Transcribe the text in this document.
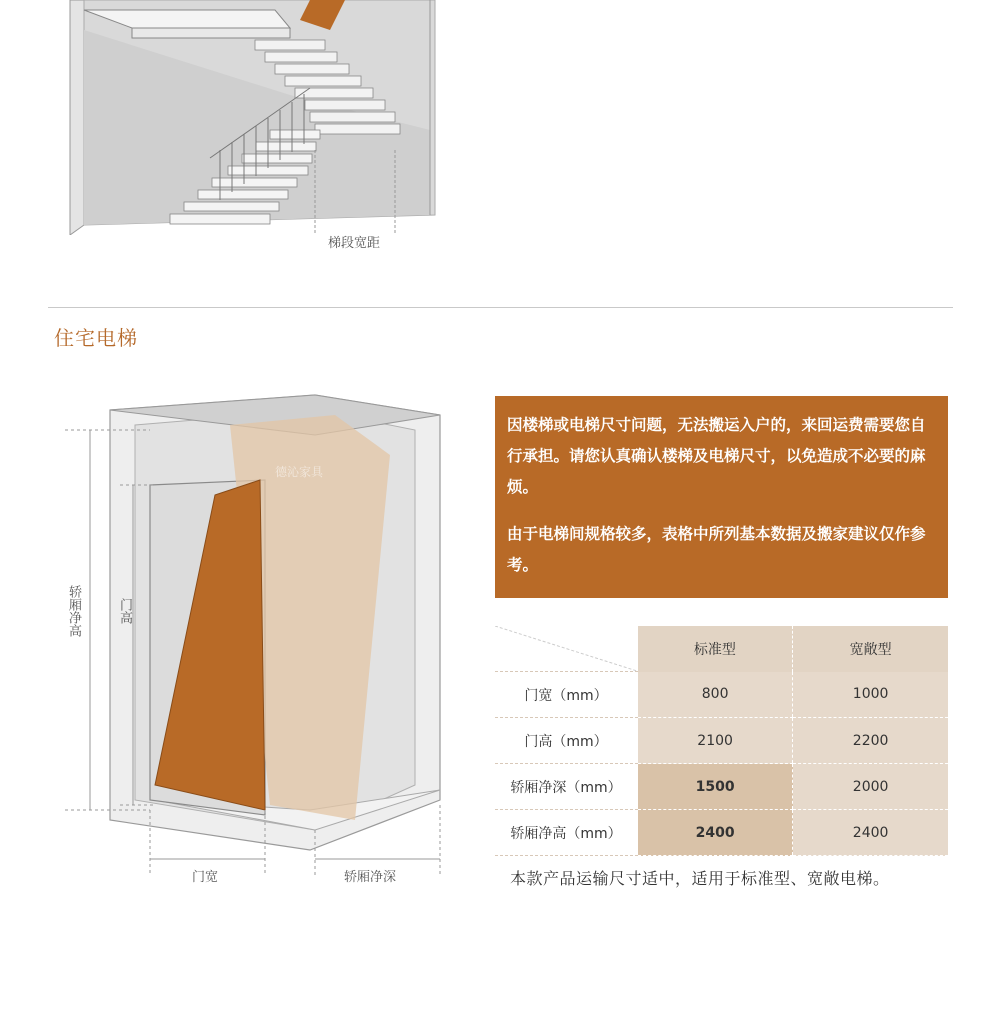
梯段宽距
住宅电梯
轿厢净高	门高
门宽	轿厢净深
德沁家具

因楼梯或电梯尺寸问题，无法搬运入户的，来回运费需要您自行承担。请您认真确认楼梯及电梯尺寸，以免造成不必要的麻烦。

由于电梯间规格较多，表格中所列基本数据及搬家建议仅作参考。

	标准型	宽敞型
门宽（mm）	800	1000
门高（mm）	2100	2200
轿厢净深（mm）	1500	2000
轿厢净高（mm）	2400	2400
本款产品运输尺寸适中，适用于标准型、宽敞电梯。
